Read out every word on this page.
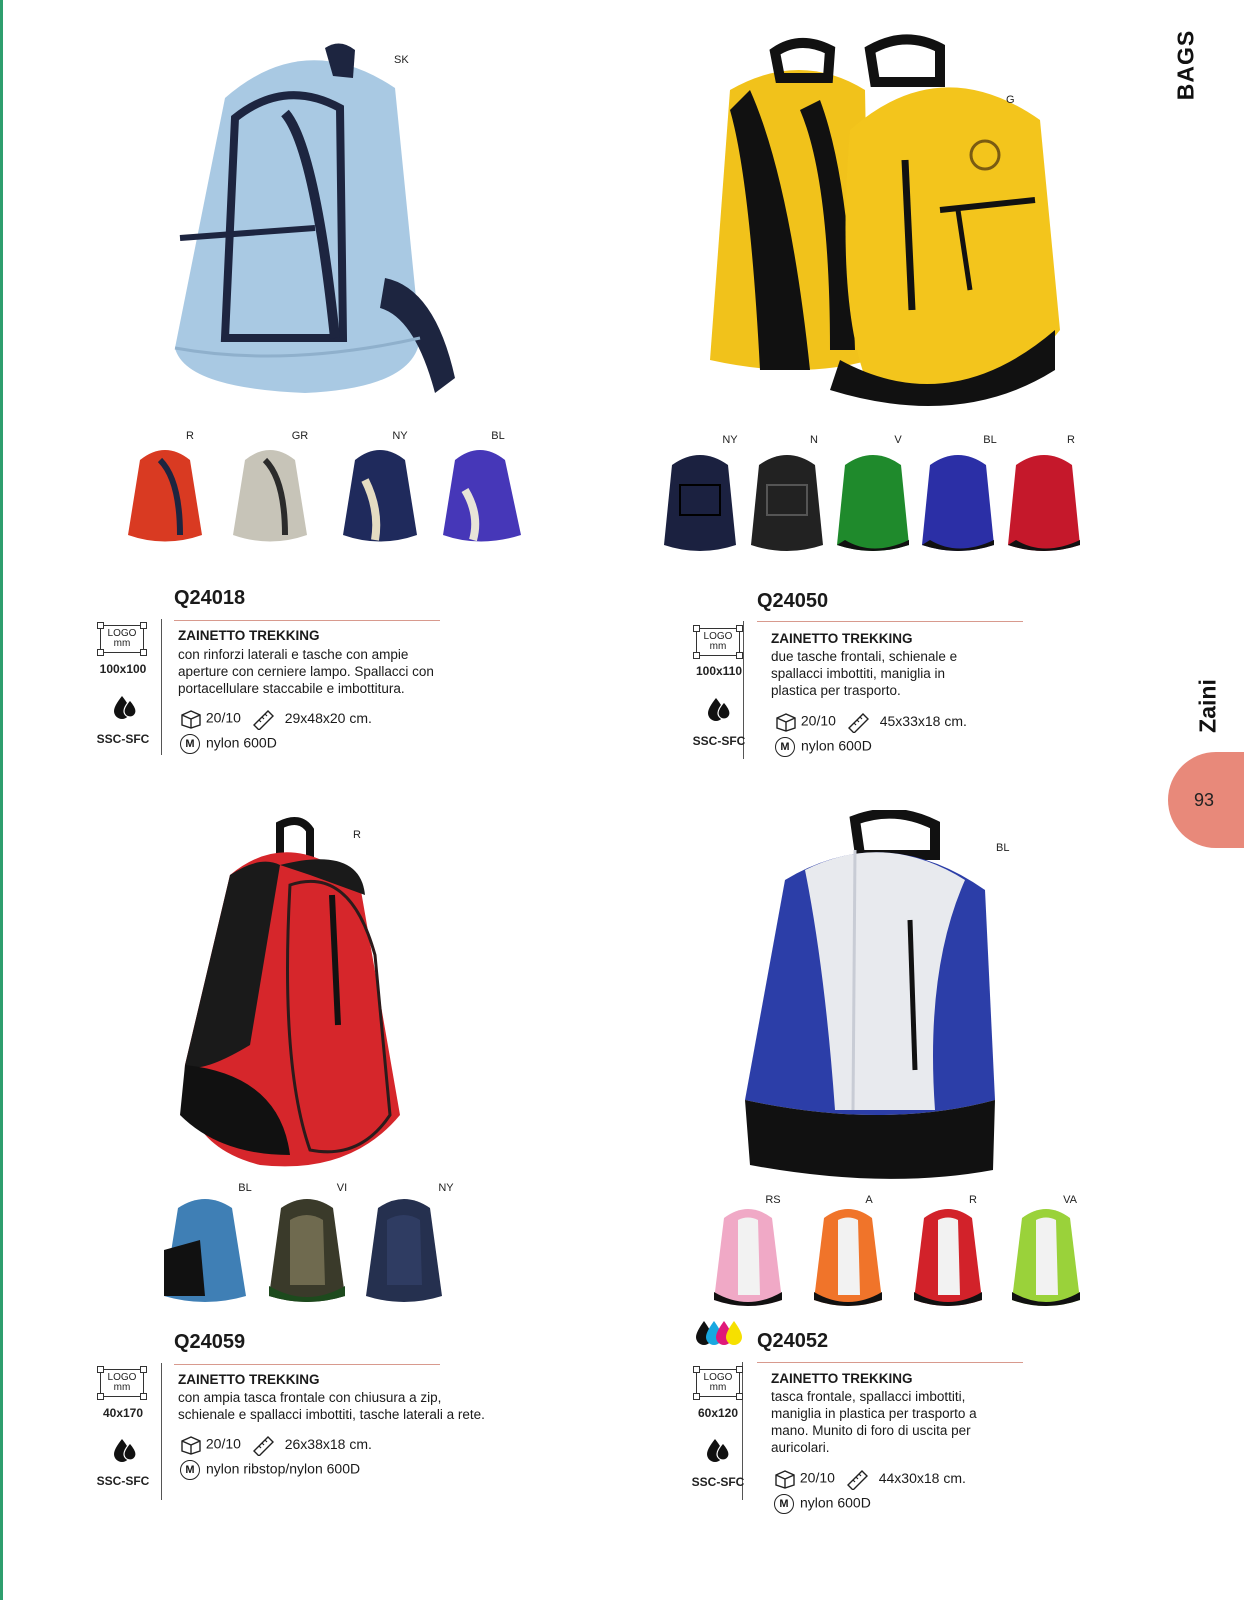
BAGS
Zaini
93
SK
R	GR	NY	BL
Q24018
LOGO
mm
100x100
SSC-SFC
ZAINETTO TREKKING
con rinforzi laterali e tasche con ampie
aperture con cerniere lampo. Spallacci con
portacellulare staccabile e imbottitura.
20/10	29x48x20 cm.
M nylon 600D
G
NY	N	V	BL	R
Q24050
LOGO
mm
100x110
SSC-SFC
ZAINETTO TREKKING
due tasche frontali, schienale e
spallacci imbottiti, maniglia in
plastica per trasporto.
20/10	45x33x18 cm.
M nylon 600D
R
BL	VI	NY
Q24059
LOGO
mm
40x170
SSC-SFC
ZAINETTO TREKKING
con ampia tasca frontale con chiusura a zip,
schienale e spallacci imbottiti, tasche laterali a rete.
20/10	26x38x18 cm.
M nylon ribstop/nylon 600D
BL
RS	A	R	VA
Q24052
LOGO
mm
60x120
SSC-SFC
ZAINETTO TREKKING
tasca frontale, spallacci imbottiti,
maniglia in plastica per trasporto a
mano. Munito di foro di uscita per
auricolari.
20/10	44x30x18 cm.
M nylon 600D
